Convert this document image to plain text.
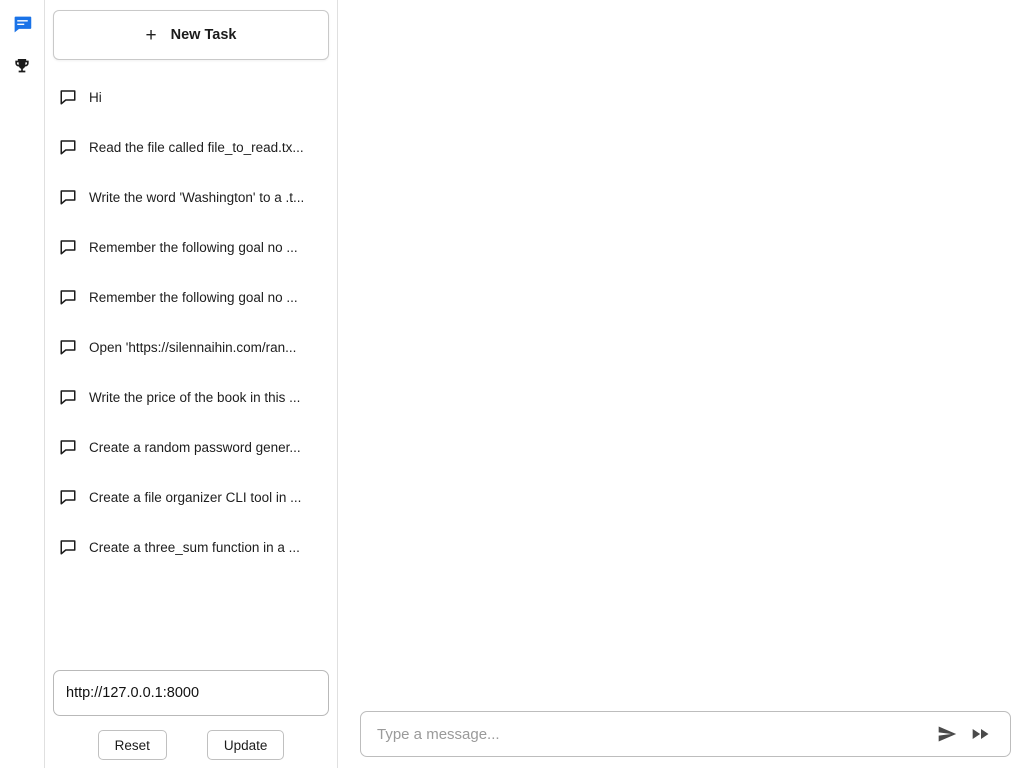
+ New Task
Hi
Read the file called file_to_read.tx...
Write the word 'Washington' to a .t...
Remember the following goal no ...
Remember the following goal no ...
Open 'https://silennaihin.com/ran...
Write the price of the book in this ...
Create a random password gener...
Create a file organizer CLI tool in ...
Create a three_sum function in a ...
http://127.0.0.1:8000
Reset	Update
Type a message...
